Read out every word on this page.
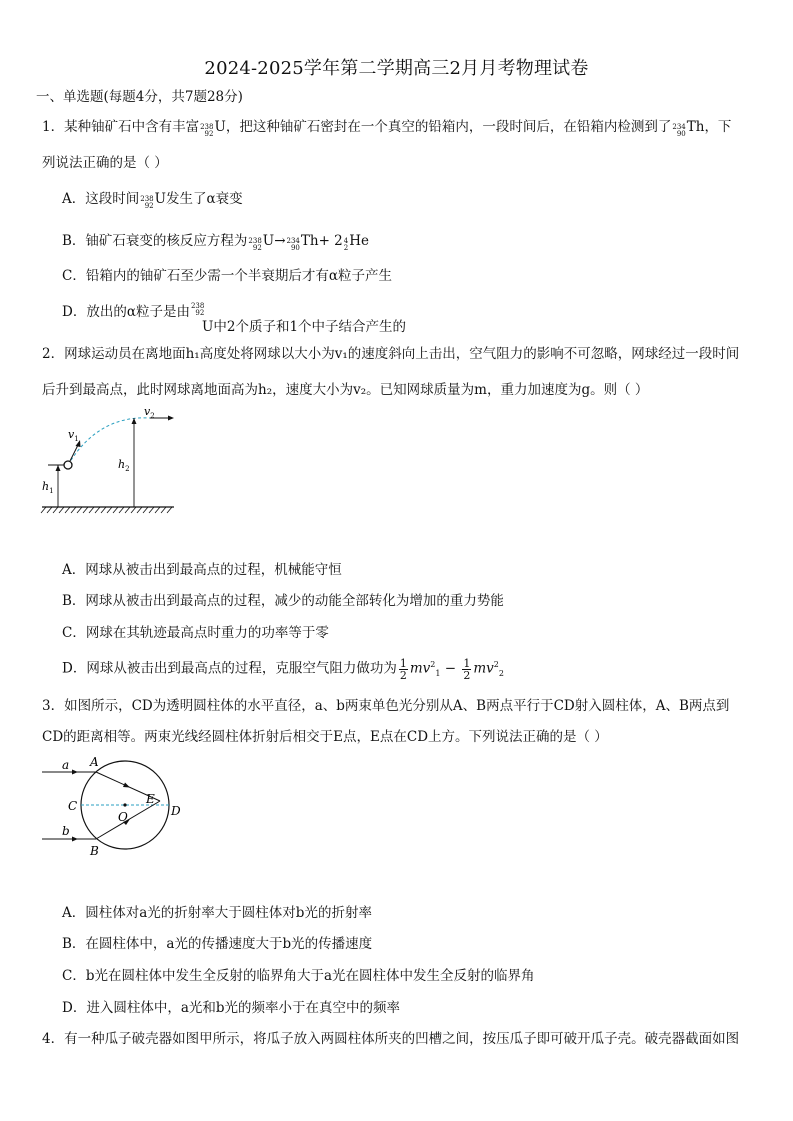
2024-2025学年第二学期高三2月月考物理试卷
一、单选题(每题4分，共7题28分)
1．某种铀矿石中含有丰富 238
92 U，把这种铀矿石密封在一个真空的铅箱内，一段时间后，在铅箱内检测到了 234
90 Th，下
列说法正确的是（ ）
A．这段时间 238
92 U发生了α衰变
B．铀矿石衰变的核反应方程为 238
92 U→ 234
90 Th+ 2 4
2 He
C．铅箱内的铀矿石至少需一个半衰期后才有α粒子产生
D．放出的α粒子是由 238
92
U中2个质子和1个中子结合产生的
2．网球运动员在离地面h₁高度处将网球以大小为v₁的速度斜向上击出，空气阻力的影响不可忽略，网球经过一段时间
后升到最高点，此时网球离地面高为h₂，速度大小为v₂。已知网球质量为m，重力加速度为g。则（ ）
$h_1$
$v_1$
$v_2$
$h_2$
A．网球从被击出到最高点的过程，机械能守恒
B．网球从被击出到最高点的过程，减少的动能全部转化为增加的重力势能
C．网球在其轨迹最高点时重力的功率等于零
D．网球从被击出到最高点的过程，克服空气阻力做功为 $\frac{1}{2} mv^2_1 - \frac{1}{2} mv^2_2$
3．如图所示，CD为透明圆柱体的水平直径，a、b两束单色光分别从A、B两点平行于CD射入圆柱体，A、B两点到
CD的距离相等。两束光线经圆柱体折射后相交于E点，E点在CD上方。下列说法正确的是（ ）
a
b
A
B
C	D
E
O
A．圆柱体对a光的折射率大于圆柱体对b光的折射率
B．在圆柱体中，a光的传播速度大于b光的传播速度
C．b光在圆柱体中发生全反射的临界角大于a光在圆柱体中发生全反射的临界角
D．进入圆柱体中，a光和b光的频率小于在真空中的频率
4．有一种瓜子破壳器如图甲所示，将瓜子放入两圆柱体所夹的凹槽之间，按压瓜子即可破开瓜子壳。破壳器截面如图
